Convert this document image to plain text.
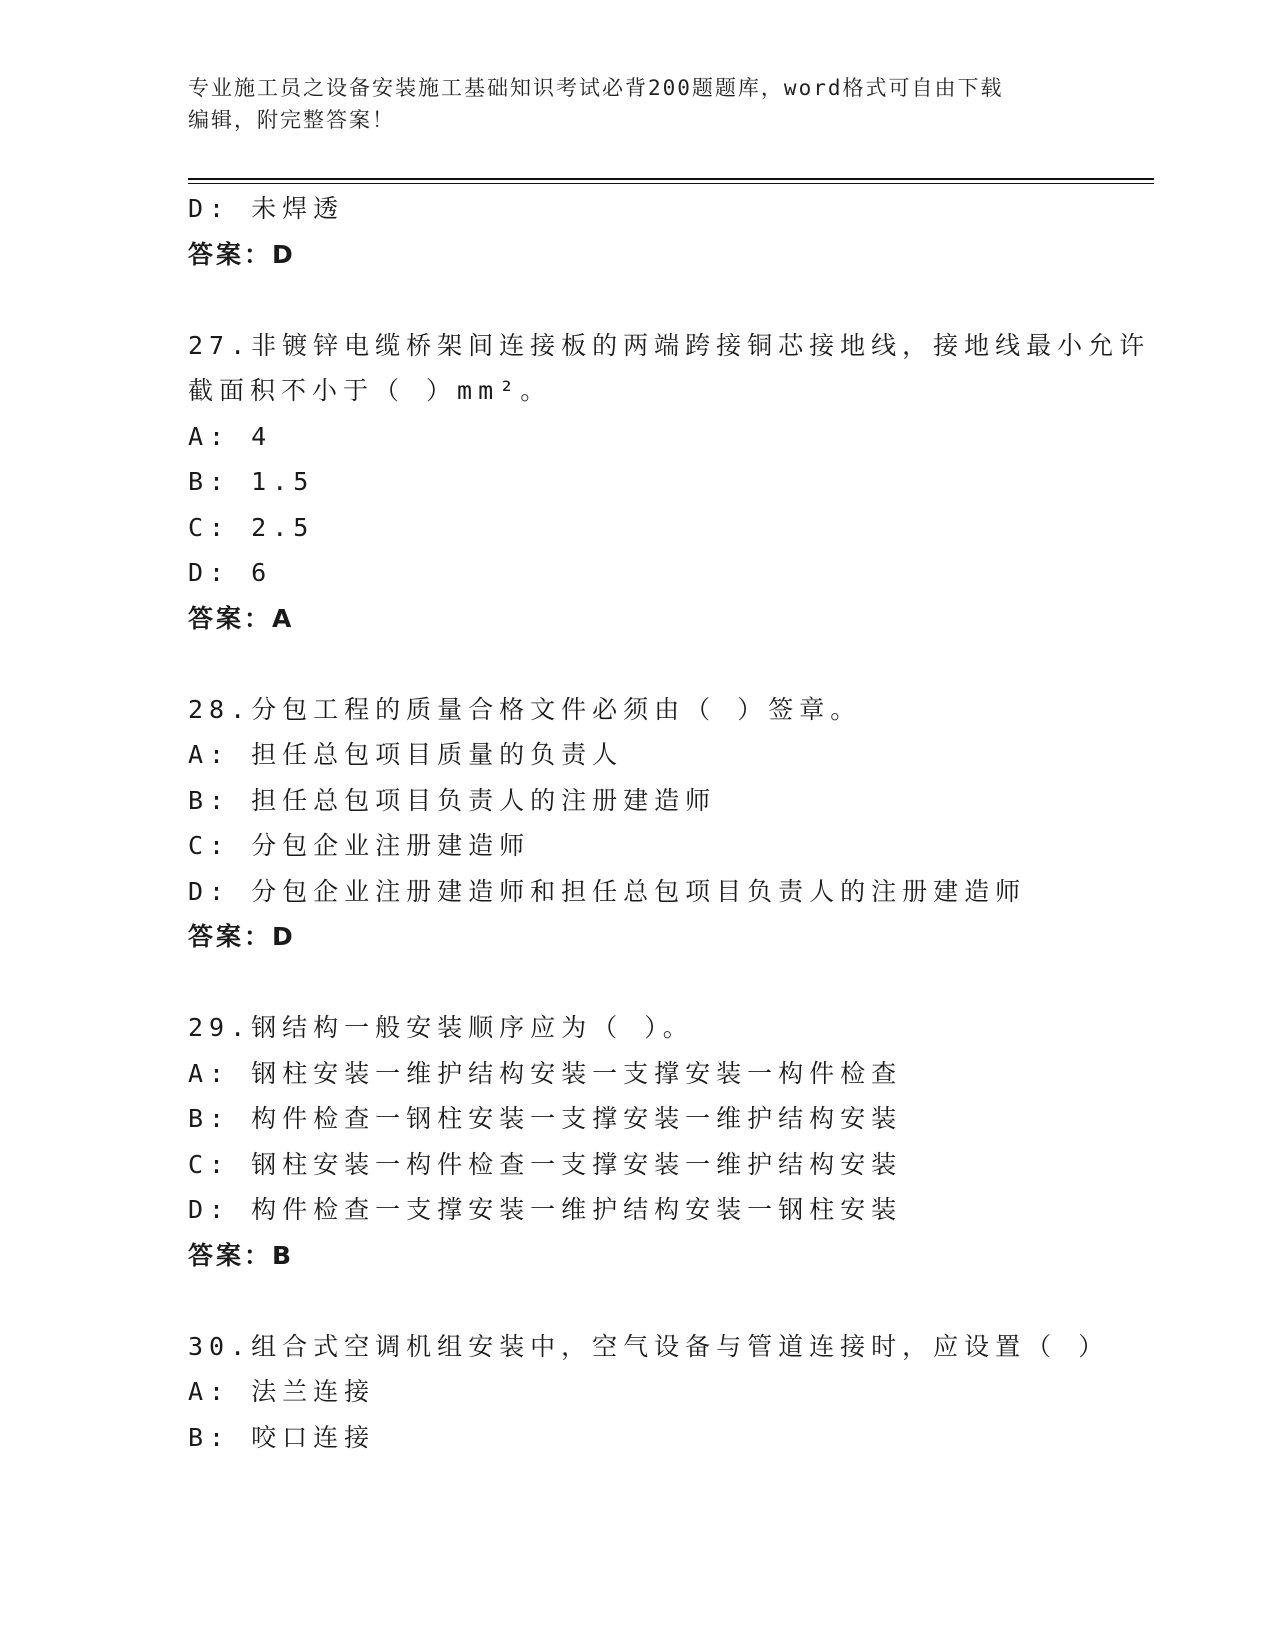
专业施工员之设备安装施工基础知识考试必背200题题库，word格式可自由下载
编辑，附完整答案！
D: 未焊透
答案：D
27.非镀锌电缆桥架间连接板的两端跨接铜芯接地线，接地线最小允许
截面积不小于（ ）mm²。
A: 4
B: 1.5
C: 2.5
D: 6
答案：A
28.分包工程的质量合格文件必须由（ ）签章。
A: 担任总包项目质量的负责人
B: 担任总包项目负责人的注册建造师
C: 分包企业注册建造师
D: 分包企业注册建造师和担任总包项目负责人的注册建造师
答案：D
29.钢结构一般安装顺序应为（ ）。
A: 钢柱安装一维护结构安装一支撑安装一构件检查
B: 构件检查一钢柱安装一支撑安装一维护结构安装
C: 钢柱安装一构件检查一支撑安装一维护结构安装
D: 构件检查一支撑安装一维护结构安装一钢柱安装
答案：B
30.组合式空调机组安装中，空气设备与管道连接时，应设置（ ）
A: 法兰连接
B: 咬口连接
